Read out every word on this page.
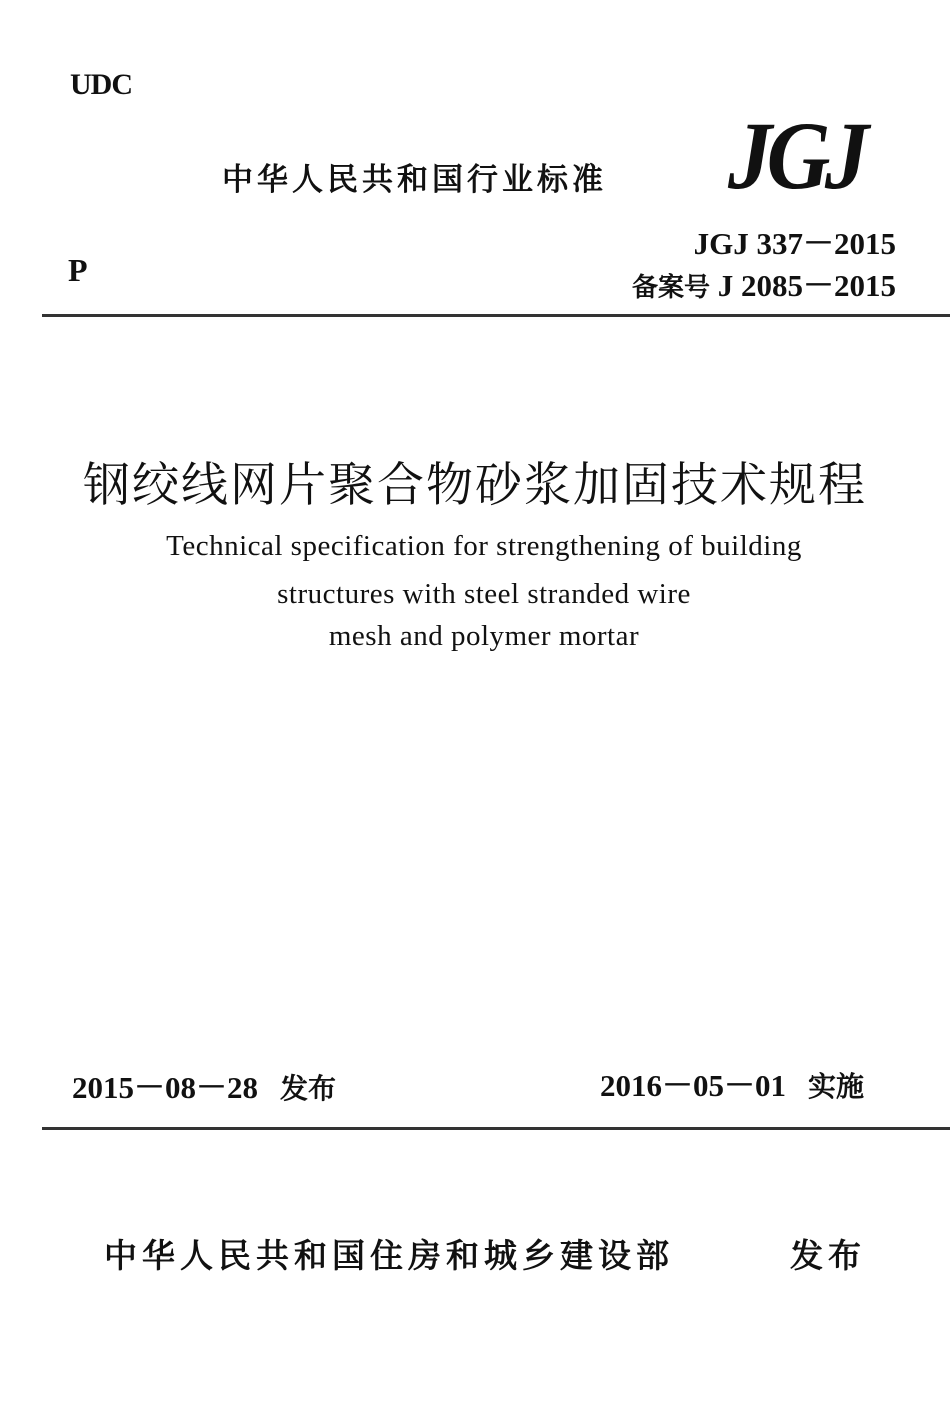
UDC
中华人民共和国行业标准 JGJ
P
JGJ 337－2015
备案号 J 2085－2015
钢绞线网片聚合物砂浆加固技术规程
Technical specification for strengthening of building
structures with steel stranded wire
mesh and polymer mortar
2015－08－28 发布	2016－05－01 实施
中华人民共和国住房和城乡建设部	发布
